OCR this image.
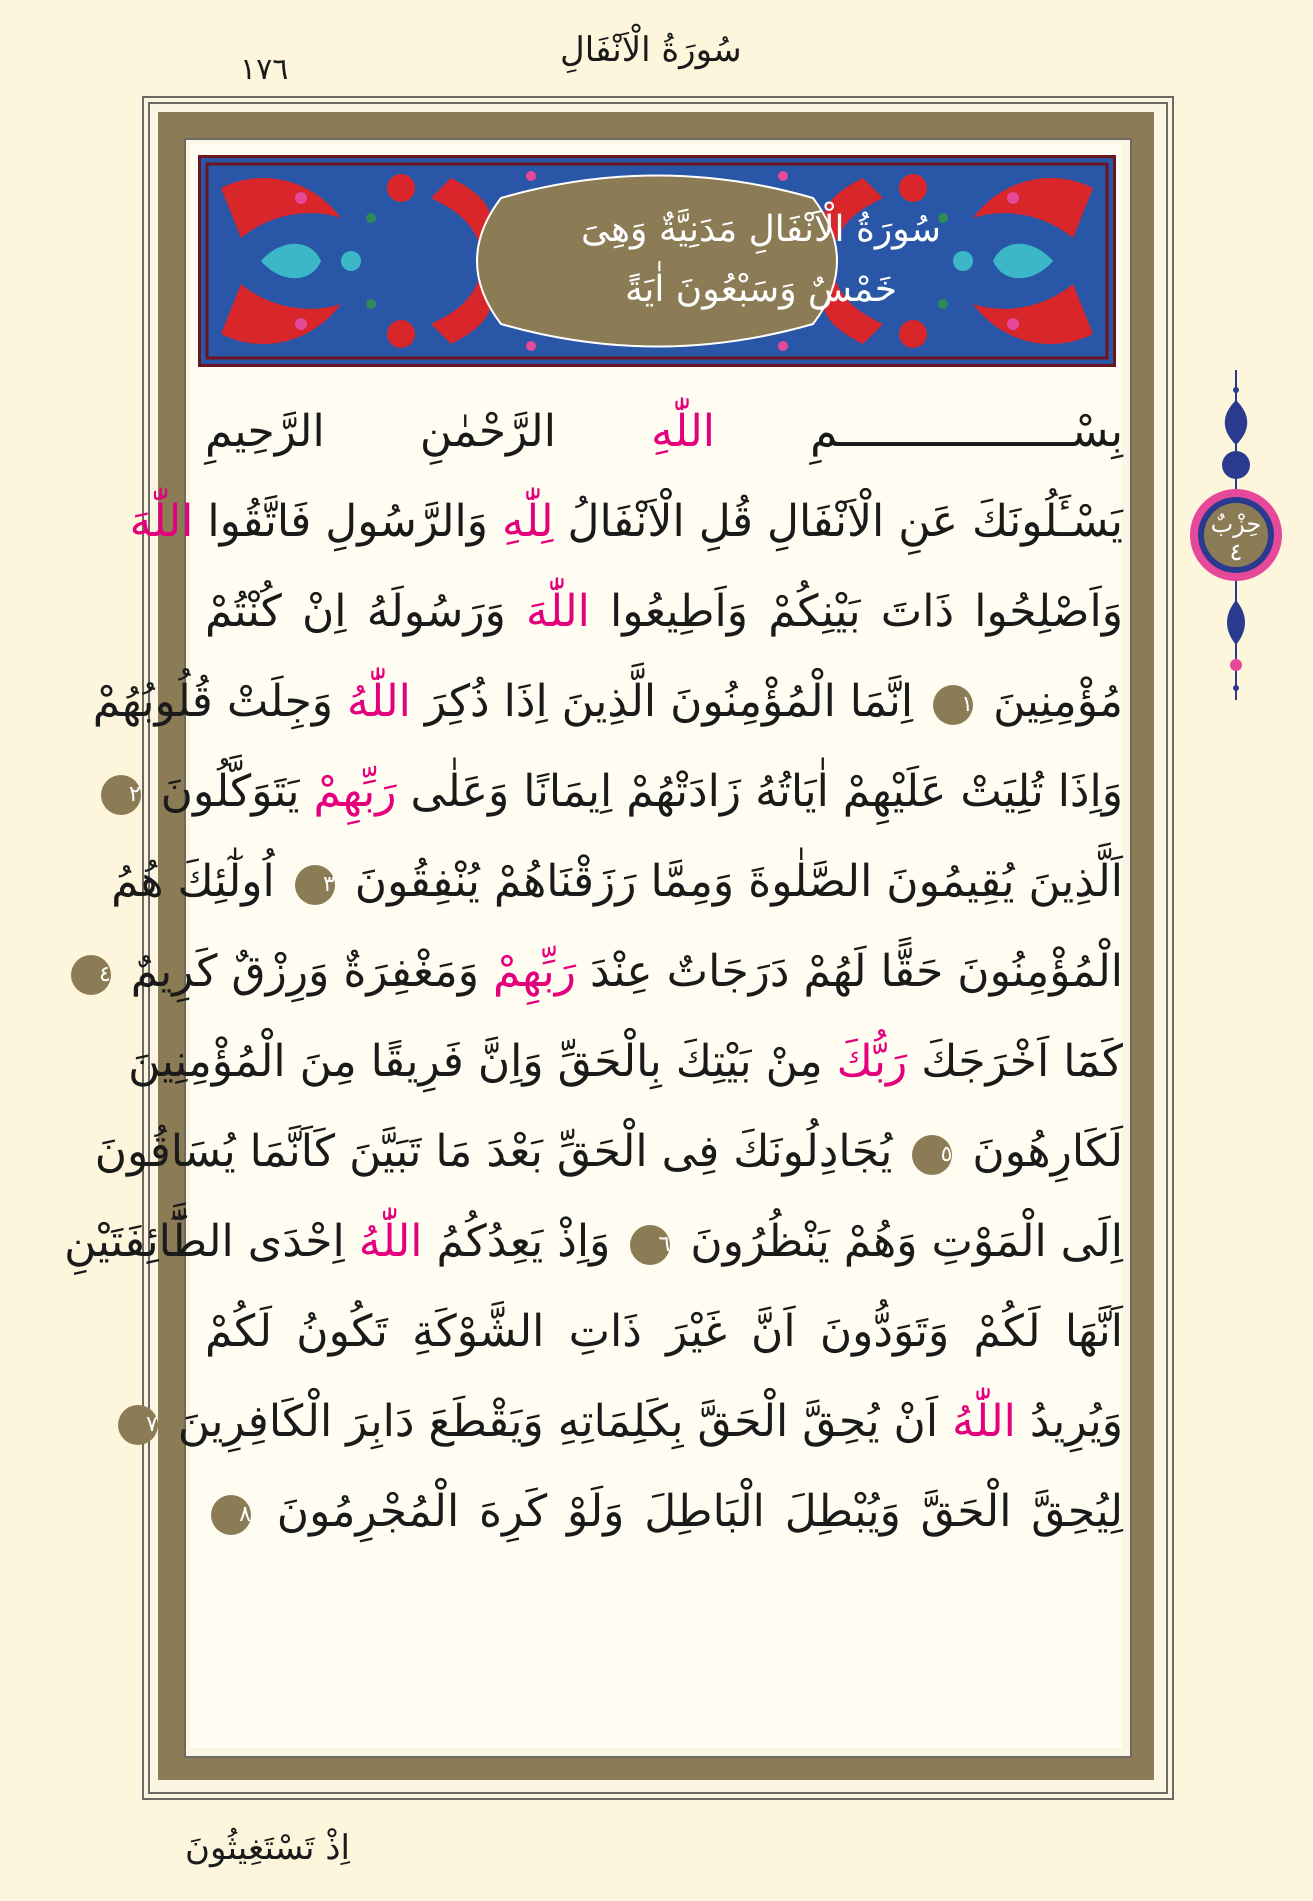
سُورَةُ الْاَنْفَالِ
١٧٦
سُورَةُ الْاَنْفَالِ مَدَنِيَّةٌ وَهِىَ
خَمْسٌ وَسَبْعُونَ اٰيَةً
بِسْــــــــــــــــــمِ اللّٰهِ الرَّحْمٰنِ الرَّحِيمِ
يَسْـَٔلُونَكَ عَنِ الْاَنْفَالِ قُلِ الْاَنْفَالُ لِلّٰهِ وَالرَّسُولِ فَاتَّقُوا اللّٰهَ
وَاَصْلِحُوا ذَاتَ بَيْنِكُمْ وَاَطِيعُوا اللّٰهَ وَرَسُولَهُ اِنْ كُنْتُمْ
مُؤْمِنِينَ ١ اِنَّمَا الْمُؤْمِنُونَ الَّذِينَ اِذَا ذُكِرَ اللّٰهُ وَجِلَتْ قُلُوبُهُمْ
وَاِذَا تُلِيَتْ عَلَيْهِمْ اٰيَاتُهُ زَادَتْهُمْ اِيمَانًا وَعَلٰى رَبِّهِمْ يَتَوَكَّلُونَ ٢
اَلَّذِينَ يُقِيمُونَ الصَّلٰوةَ وَمِمَّا رَزَقْنَاهُمْ يُنْفِقُونَ ٣ اُولٰٓئِكَ هُمُ
الْمُؤْمِنُونَ حَقًّا لَهُمْ دَرَجَاتٌ عِنْدَ رَبِّهِمْ وَمَغْفِرَةٌ وَرِزْقٌ كَرِيمٌ ٤
كَمَٓا اَخْرَجَكَ رَبُّكَ مِنْ بَيْتِكَ بِالْحَقِّ وَاِنَّ فَرِيقًا مِنَ الْمُؤْمِنِينَ
لَكَارِهُونَ ٥ يُجَادِلُونَكَ فِى الْحَقِّ بَعْدَ مَا تَبَيَّنَ كَاَنَّمَا يُسَاقُونَ
اِلَى الْمَوْتِ وَهُمْ يَنْظُرُونَ ٦ وَاِذْ يَعِدُكُمُ اللّٰهُ اِحْدَى الطَّٓائِفَتَيْنِ
اَنَّهَا لَكُمْ وَتَوَدُّونَ اَنَّ غَيْرَ ذَاتِ الشَّوْكَةِ تَكُونُ لَكُمْ
وَيُرِيدُ اللّٰهُ اَنْ يُحِقَّ الْحَقَّ بِكَلِمَاتِهِ وَيَقْطَعَ دَابِرَ الْكَافِرِينَ ٧
لِيُحِقَّ الْحَقَّ وَيُبْطِلَ الْبَاطِلَ وَلَوْ كَرِهَ الْمُجْرِمُونَ ٨
اِذْ تَسْتَغِيثُونَ
حِزْبٌ
٤
